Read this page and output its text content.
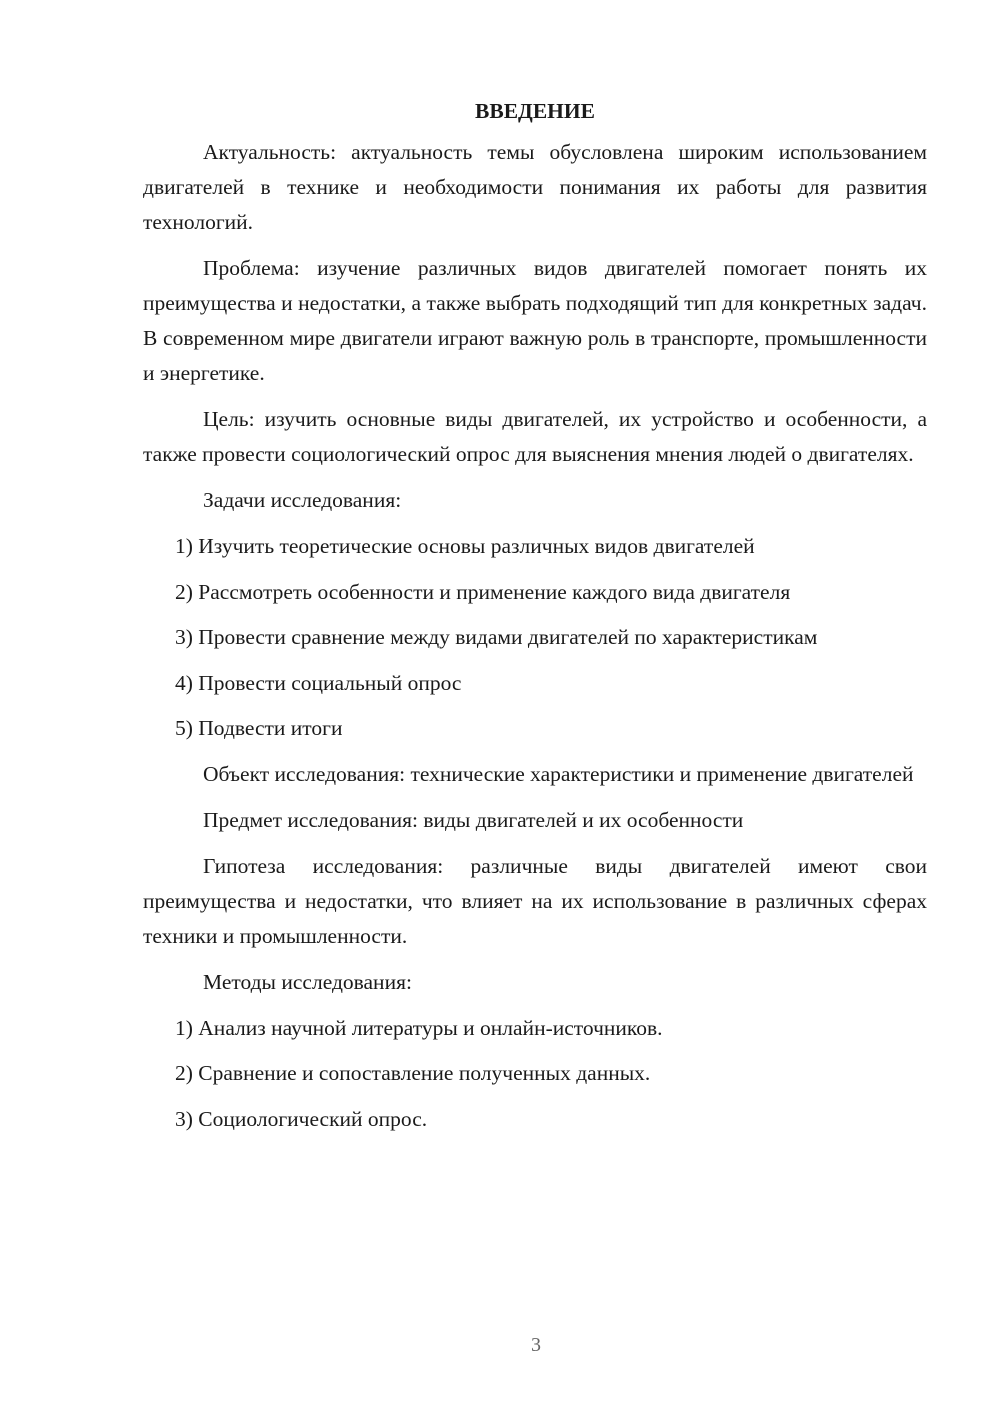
ВВЕДЕНИЕ

Актуальность: актуальность темы обусловлена широким использованием двигателей в технике и необходимости понимания их работы для развития технологий.

Проблема: изучение различных видов двигателей помогает понять их преимущества и недостатки, а также выбрать подходящий тип для конкретных задач. В современном мире двигатели играют важную роль в транспорте, промышленности и энергетике.

Цель: изучить основные виды двигателей, их устройство и особенности, а также провести социологический опрос для выяснения мнения людей о двигателях.

Задачи исследования:

1) Изучить теоретические основы различных видов двигателей
2) Рассмотреть особенности и применение каждого вида двигателя
3) Провести сравнение между видами двигателей по характеристикам
4) Провести социальный опрос
5) Подвести итоги

Объект исследования: технические характеристики и применение двигателей

Предмет исследования: виды двигателей и их особенности

Гипотеза исследования: различные виды двигателей имеют свои преимущества и недостатки, что влияет на их использование в различных сферах техники и промышленности.

Методы исследования:

1) Анализ научной литературы и онлайн-источников.
2) Сравнение и сопоставление полученных данных.
3) Социологический опрос.
3
